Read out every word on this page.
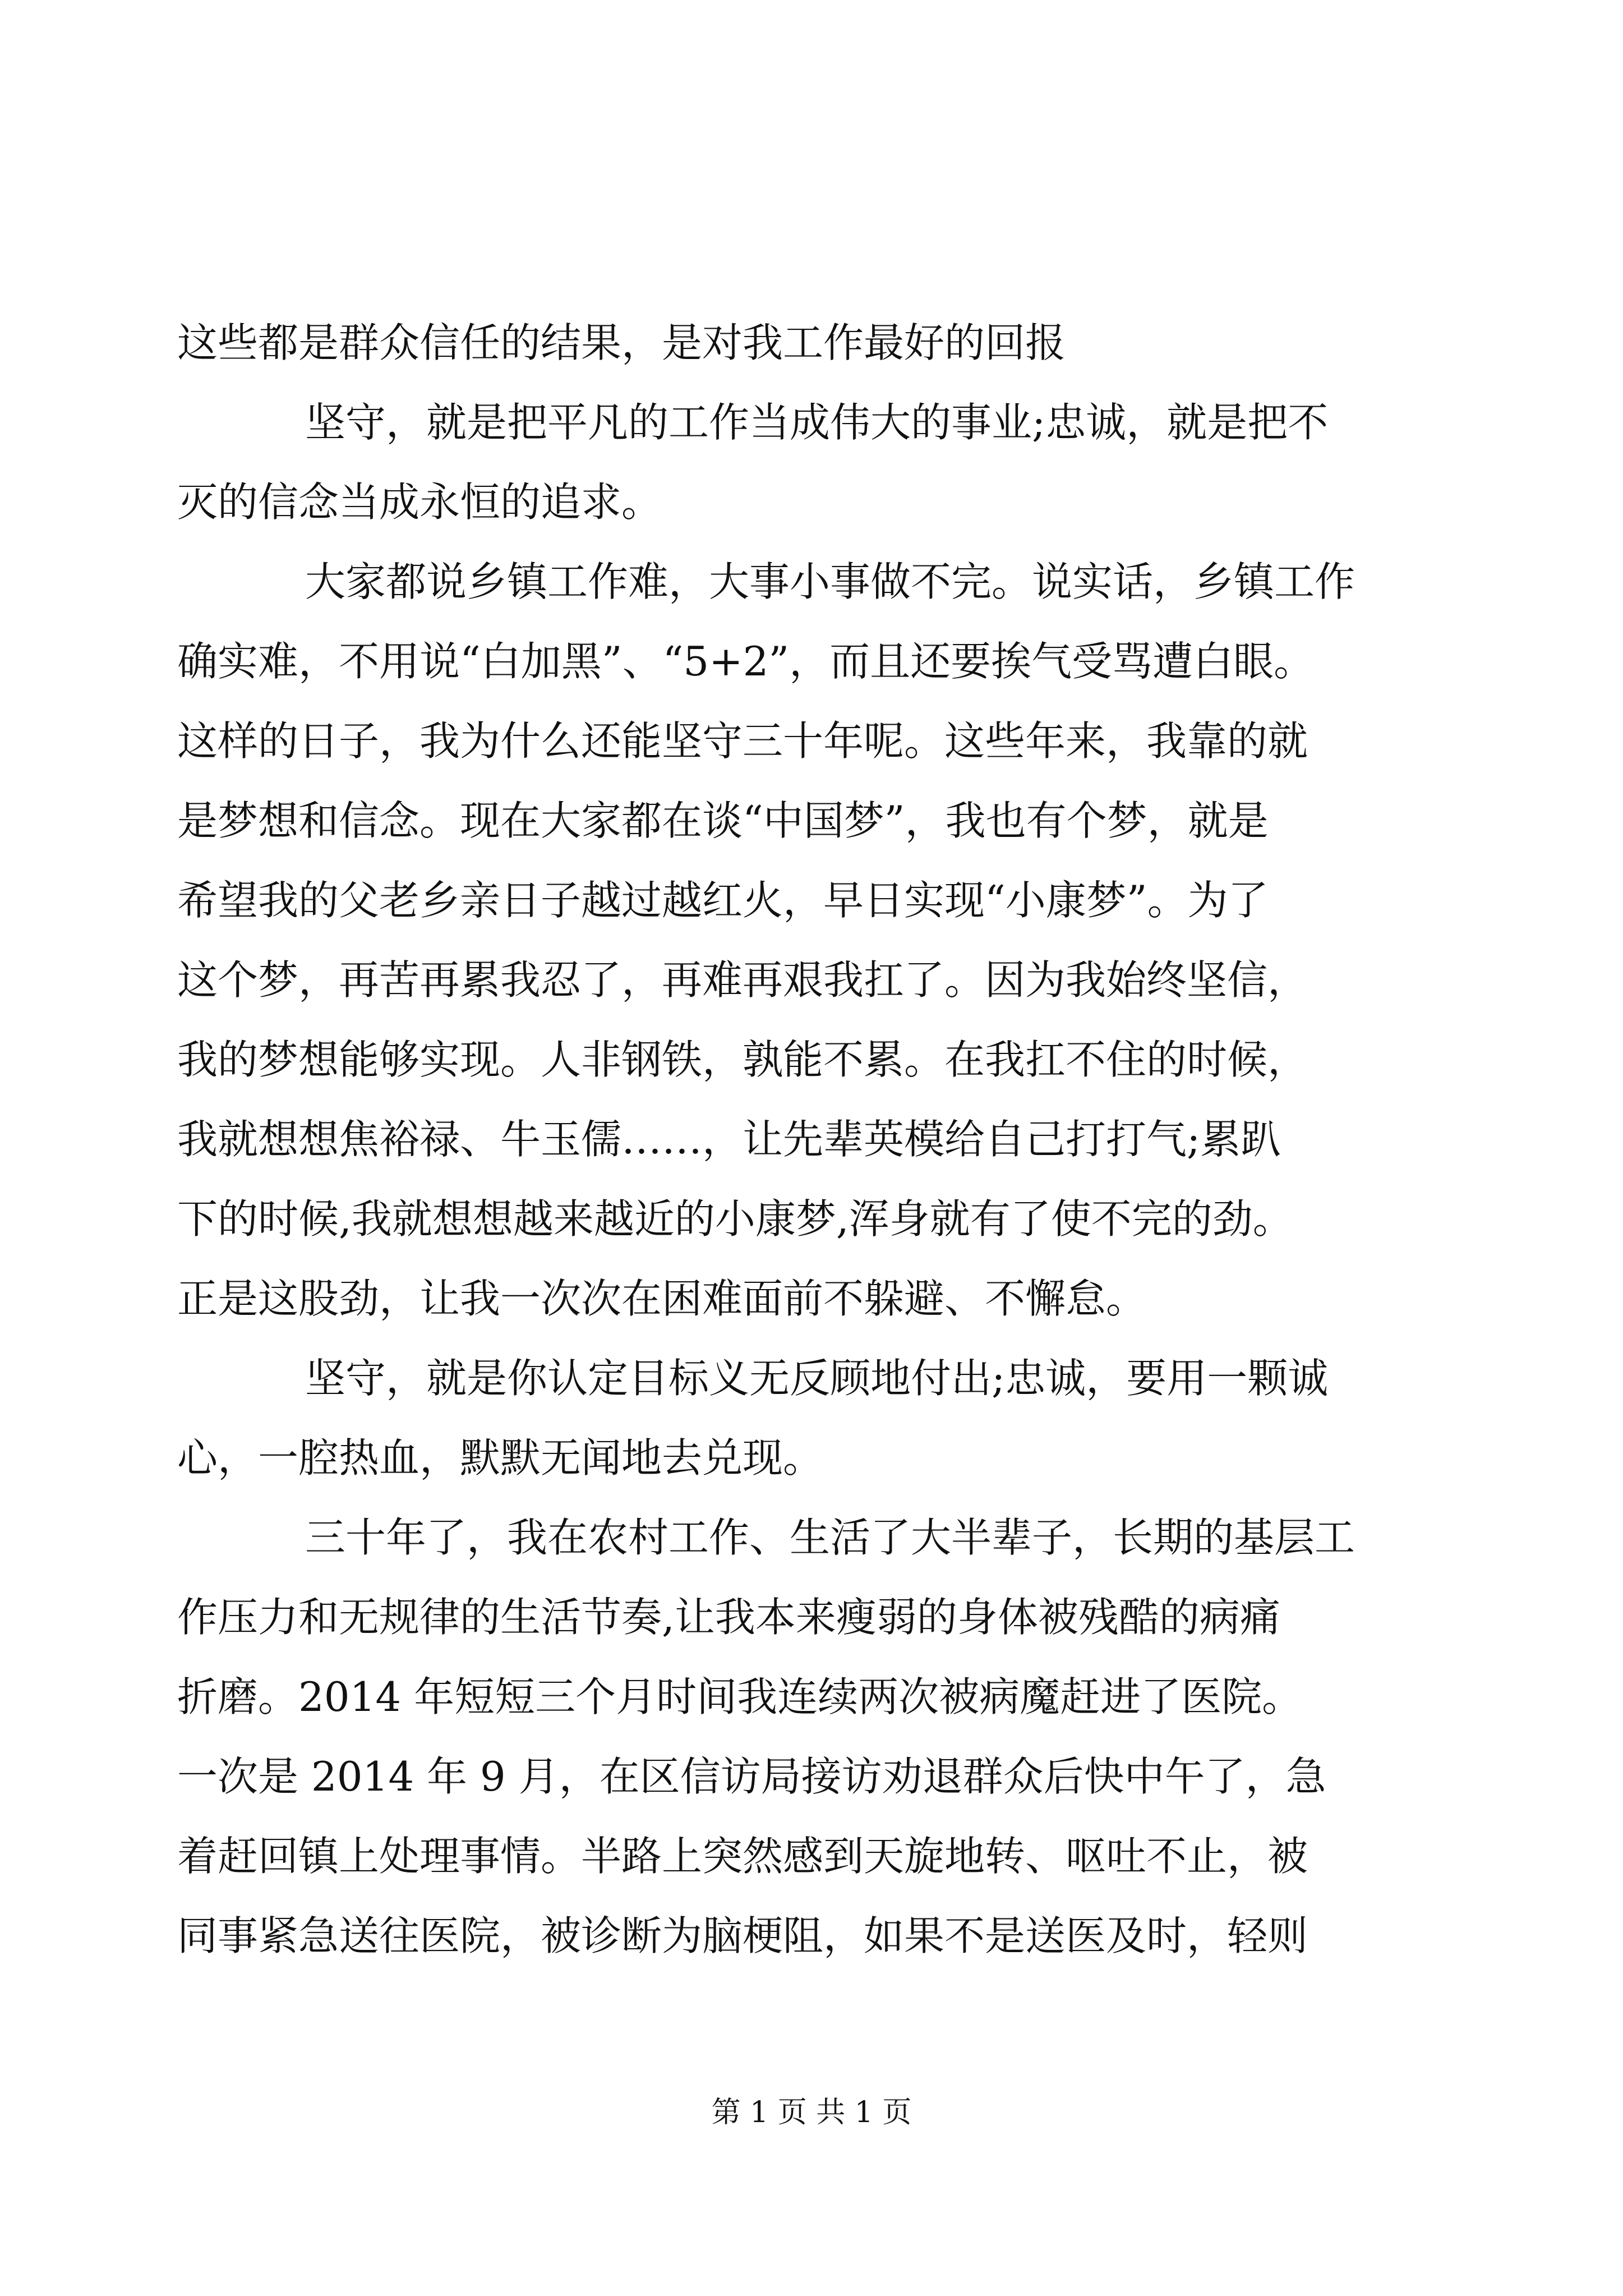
这些都是群众信任的结果，是对我工作最好的回报
坚守，就是把平凡的工作当成伟大的事业;忠诚，就是把不
灭的信念当成永恒的追求。
大家都说乡镇工作难，大事小事做不完。说实话，乡镇工作
确实难，不用说“白加黑”、“5+2”，而且还要挨气受骂遭白眼。
这样的日子，我为什么还能坚守三十年呢。这些年来，我靠的就
是梦想和信念。现在大家都在谈“中国梦”，我也有个梦，就是
希望我的父老乡亲日子越过越红火，早日实现“小康梦”。为了
这个梦，再苦再累我忍了，再难再艰我扛了。因为我始终坚信，
我的梦想能够实现。人非钢铁，孰能不累。在我扛不住的时候，
我就想想焦裕禄、牛玉儒……，让先辈英模给自己打打气;累趴
下的时候,我就想想越来越近的小康梦,浑身就有了使不完的劲。
正是这股劲，让我一次次在困难面前不躲避、不懈怠。
坚守，就是你认定目标义无反顾地付出;忠诚，要用一颗诚
心，一腔热血，默默无闻地去兑现。
三十年了，我在农村工作、生活了大半辈子，长期的基层工
作压力和无规律的生活节奏,让我本来瘦弱的身体被残酷的病痛
折磨。2014 年短短三个月时间我连续两次被病魔赶进了医院。
一次是 2014 年 9 月，在区信访局接访劝退群众后快中午了，急
着赶回镇上处理事情。半路上突然感到天旋地转、呕吐不止，被
同事紧急送往医院，被诊断为脑梗阻，如果不是送医及时，轻则
第 1 页 共 1 页
